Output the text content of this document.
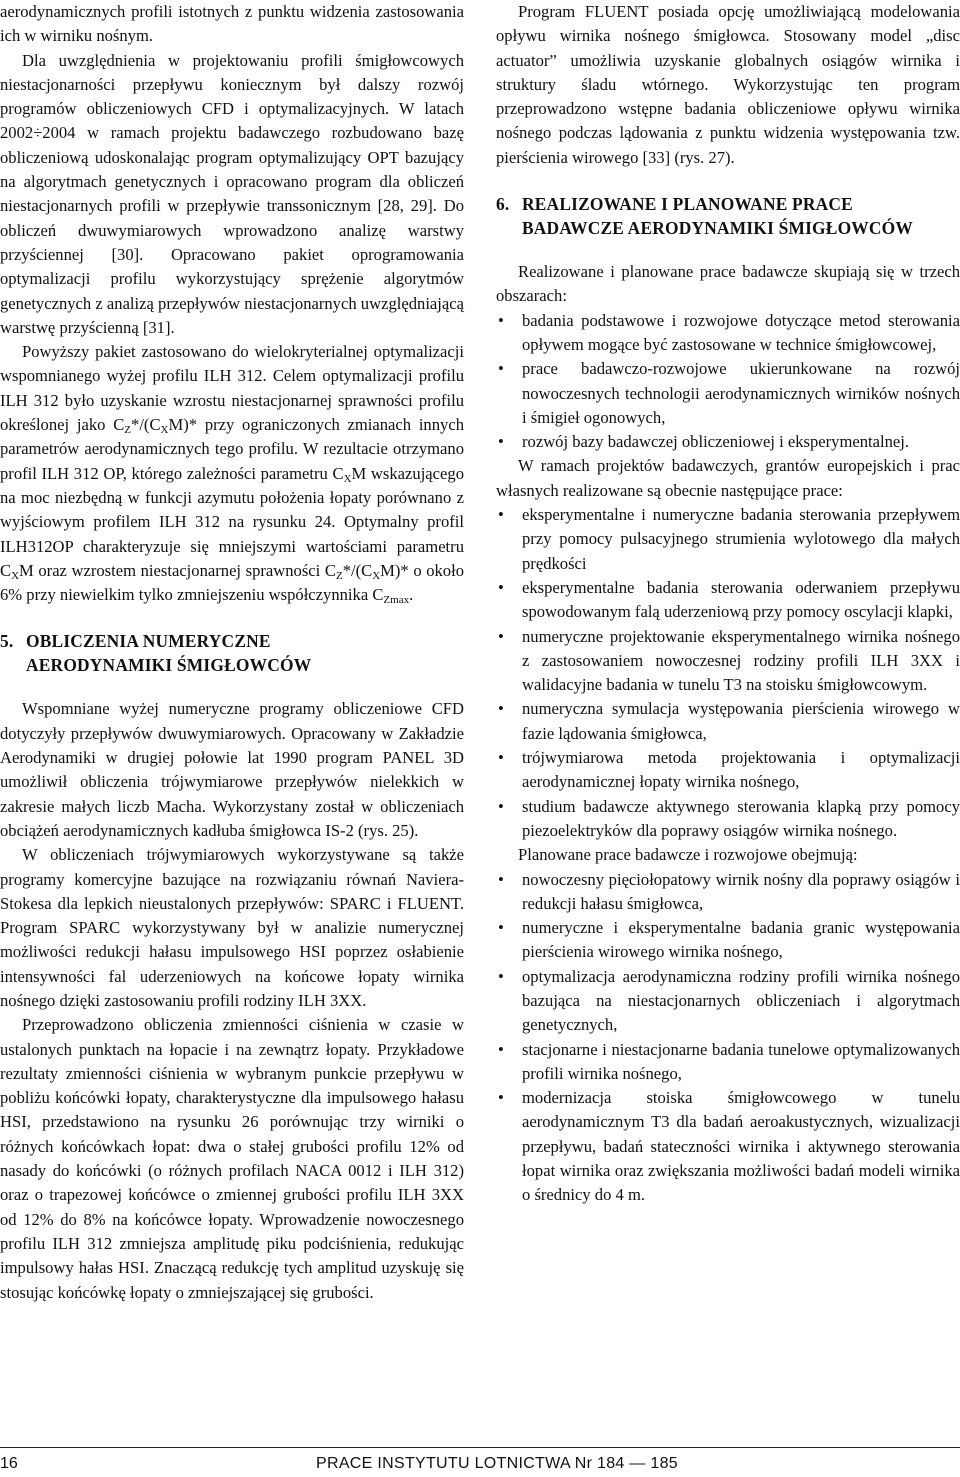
aerodynamicznych profili istotnych z punktu widzenia zastosowania ich w wirniku nośnym.

Dla uwzględnienia w projektowaniu profili śmigłowcowych niestacjonarności przepływu koniecznym był dalszy rozwój programów obliczeniowych CFD i optymalizacyjnych. W latach 2002÷2004 w ramach projektu badawczego rozbudowano bazę obliczeniową udoskonalając program optymalizujący OPT bazujący na algorytmach genetycznych i opracowano program dla obliczeń niestacjonarnych profili w przepływie transsonicznym [28, 29]. Do obliczeń dwuwymiarowych wprowadzono analizę warstwy przyściennej [30]. Opracowano pakiet oprogramowania optymalizacji profilu wykorzystujący sprężenie algorytmów genetycznych z analizą przepływów niestacjonarnych uwzględniającą warstwę przyścienną [31].

Powyższy pakiet zastosowano do wielokryterialnej optymalizacji wspomnianego wyżej profilu ILH 312. Celem optymalizacji profilu ILH 312 było uzyskanie wzrostu niestacjonarnej sprawności profilu określonej jako $C_Z*/(C_XM)*$ przy ograniczonych zmianach innych parametrów aerodynamicznych tego profilu. W rezultacie otrzymano profil ILH 312 OP, którego zależności parametru $C_XM$ wskazującego na moc niezbędną w funkcji azymutu położenia łopaty porównano z wyjściowym profilem ILH 312 na rysunku 24. Optymalny profil ILH312OP charakteryzuje się mniejszymi wartościami parametru $C_XM$ oraz wzrostem niestacjonarnej sprawności $C_Z*/(C_XM)*$ o około 6% przy niewielkim tylko zmniejszeniu współczynnika $C_{Zmax}$.

5. OBLICZENIA NUMERYCZNE
AERODYNAMIKI ŚMIGŁOWCÓW

Wspomniane wyżej numeryczne programy obliczeniowe CFD dotyczyły przepływów dwuwymiarowych. Opracowany w Zakładzie Aerodynamiki w drugiej połowie lat 1990 program PANEL 3D umożliwił obliczenia trójwymiarowe przepływów nielekkich w zakresie małych liczb Macha. Wykorzystany został w obliczeniach obciążeń aerodynamicznych kadłuba śmigłowca IS-2 (rys. 25).

W obliczeniach trójwymiarowych wykorzystywane są także programy komercyjne bazujące na rozwiązaniu równań Naviera-Stokesa dla lepkich nieustalonych przepływów: SPARC i FLUENT. Program SPARC wykorzystywany był w analizie numerycznej możliwości redukcji hałasu impulsowego HSI poprzez osłabienie intensywności fal uderzeniowych na końcowe łopaty wirnika nośnego dzięki zastosowaniu profili rodziny ILH 3XX.

Przeprowadzono obliczenia zmienności ciśnienia w czasie w ustalonych punktach na łopacie i na zewnątrz łopaty. Przykładowe rezultaty zmienności ciśnienia w wybranym punkcie przepływu w pobliżu końcówki łopaty, charakterystyczne dla impulsowego hałasu HSI, przedstawiono na rysunku 26 porównując trzy wirniki o różnych końcówkach łopat: dwa o stałej grubości profilu 12% od nasady do końcówki (o różnych profilach NACA 0012 i ILH 312) oraz o trapezowej końcówce o zmiennej grubości profilu ILH 3XX od 12% do 8% na końcówce łopaty. Wprowadzenie nowoczesnego profilu ILH 312 zmniejsza amplitudę piku podciśnienia, redukując impulsowy hałas HSI. Znaczącą redukcję tych amplitud uzyskuję się stosując końcówkę łopaty o zmniejszającej się grubości.

Program FLUENT posiada opcję umożliwiającą modelowania opływu wirnika nośnego śmigłowca. Stosowany model „disc actuator” umożliwia uzyskanie globalnych osiągów wirnika i struktury śladu wtórnego. Wykorzystując ten program przeprowadzono wstępne badania obliczeniowe opływu wirnika nośnego podczas lądowania z punktu widzenia występowania tzw. pierścienia wirowego [33] (rys. 27).

6. REALIZOWANE I PLANOWANE PRACE
BADAWCZE AERODYNAMIKI ŚMIGŁOWCÓW

Realizowane i planowane prace badawcze skupiają się w trzech obszarach:

• badania podstawowe i rozwojowe dotyczące metod sterowania opływem mogące być zastosowane w technice śmigłowcowej,
• prace badawczo-rozwojowe ukierunkowane na rozwój nowoczesnych technologii aerodynamicznych wirników nośnych i śmigieł ogonowych,
• rozwój bazy badawczej obliczeniowej i eksperymentalnej.

W ramach projektów badawczych, grantów europejskich i prac własnych realizowane są obecnie następujące prace:

• eksperymentalne i numeryczne badania sterowania przepływem przy pomocy pulsacyjnego strumienia wylotowego dla małych prędkości
• eksperymentalne badania sterowania oderwaniem przepływu spowodowanym falą uderzeniową przy pomocy oscylacji klapki,
• numeryczne projektowanie eksperymentalnego wirnika nośnego z zastosowaniem nowoczesnej rodziny profili ILH 3XX i walidacyjne badania w tunelu T3 na stoisku śmigłowcowym.
• numeryczna symulacja występowania pierścienia wirowego w fazie lądowania śmigłowca,
• trójwymiarowa metoda projektowania i optymalizacji aerodynamicznej łopaty wirnika nośnego,
• studium badawcze aktywnego sterowania klapką przy pomocy piezoelektryków dla poprawy osiągów wirnika nośnego.

Planowane prace badawcze i rozwojowe obejmują:

• nowoczesny pięciołopatowy wirnik nośny dla poprawy osiągów i redukcji hałasu śmigłowca,
• numeryczne i eksperymentalne badania granic występowania pierścienia wirowego wirnika nośnego,
• optymalizacja aerodynamiczna rodziny profili wirnika nośnego bazująca na niestacjonarnych obliczeniach i algorytmach genetycznych,
• stacjonarne i niestacjonarne badania tunelowe optymalizowanych profili wirnika nośnego,
• modernizacja stoiska śmigłowcowego w tunelu aerodynamicznym T3 dla badań aeroakustycznych, wizualizacji przepływu, badań stateczności wirnika i aktywnego sterowania łopat wirnika oraz zwiększania możliwości badań modeli wirnika o średnicy do 4 m.
16	PRACE INSTYTUTU LOTNICTWA Nr 184 — 185
